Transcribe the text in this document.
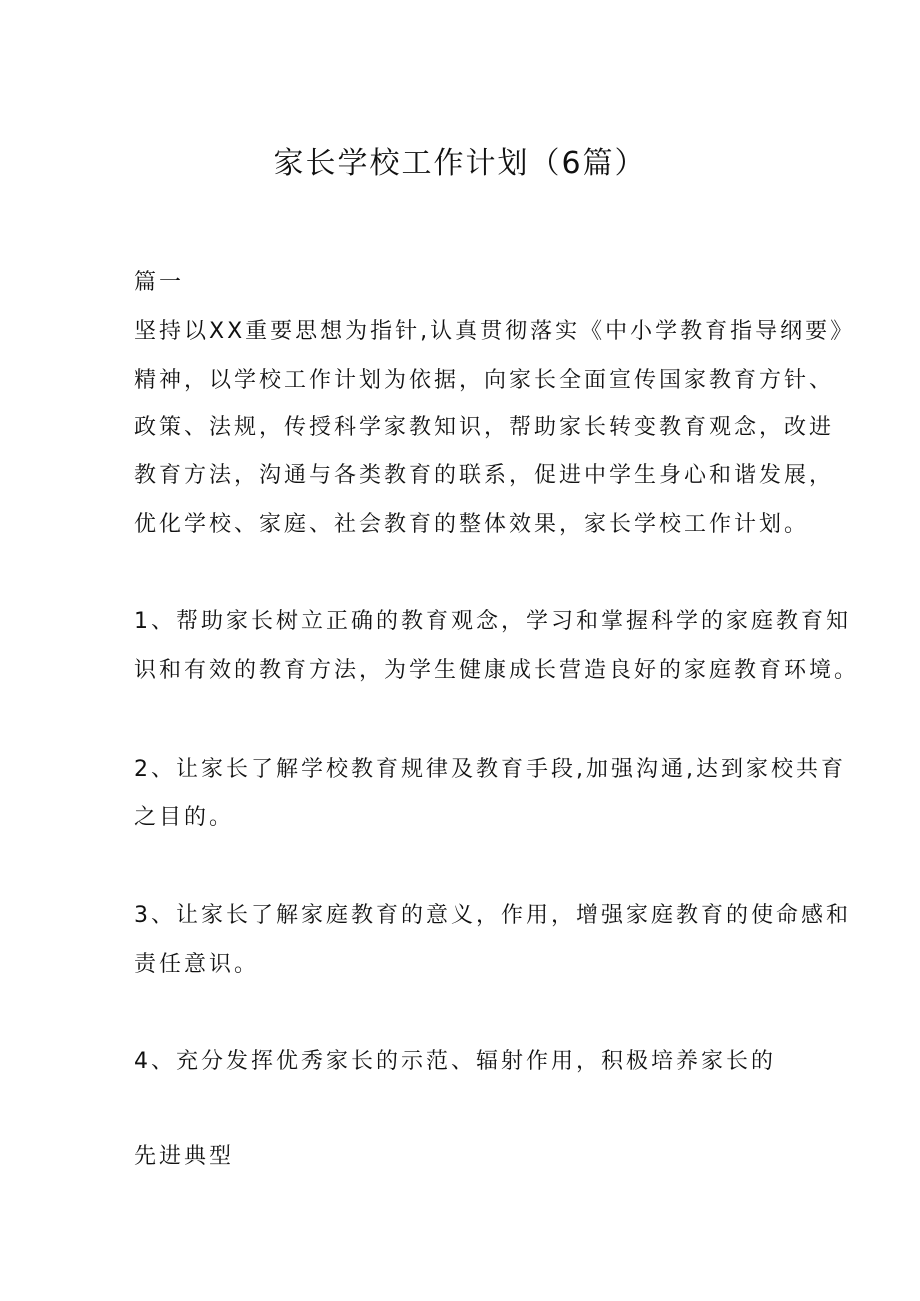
家长学校工作计划（6篇）

篇一

坚持以XX重要思想为指针,认真贯彻落实《中小学教育指导纲要》

精神，以学校工作计划为依据，向家长全面宣传国家教育方针、

政策、法规，传授科学家教知识，帮助家长转变教育观念，改进

教育方法，沟通与各类教育的联系，促进中学生身心和谐发展，

优化学校、家庭、社会教育的整体效果，家长学校工作计划。

1、帮助家长树立正确的教育观念，学习和掌握科学的家庭教育知

识和有效的教育方法，为学生健康成长营造良好的家庭教育环境。

2、让家长了解学校教育规律及教育手段,加强沟通,达到家校共育

之目的。

3、让家长了解家庭教育的意义，作用，增强家庭教育的使命感和

责任意识。

4、充分发挥优秀家长的示范、辐射作用，积极培养家长的

先进典型
